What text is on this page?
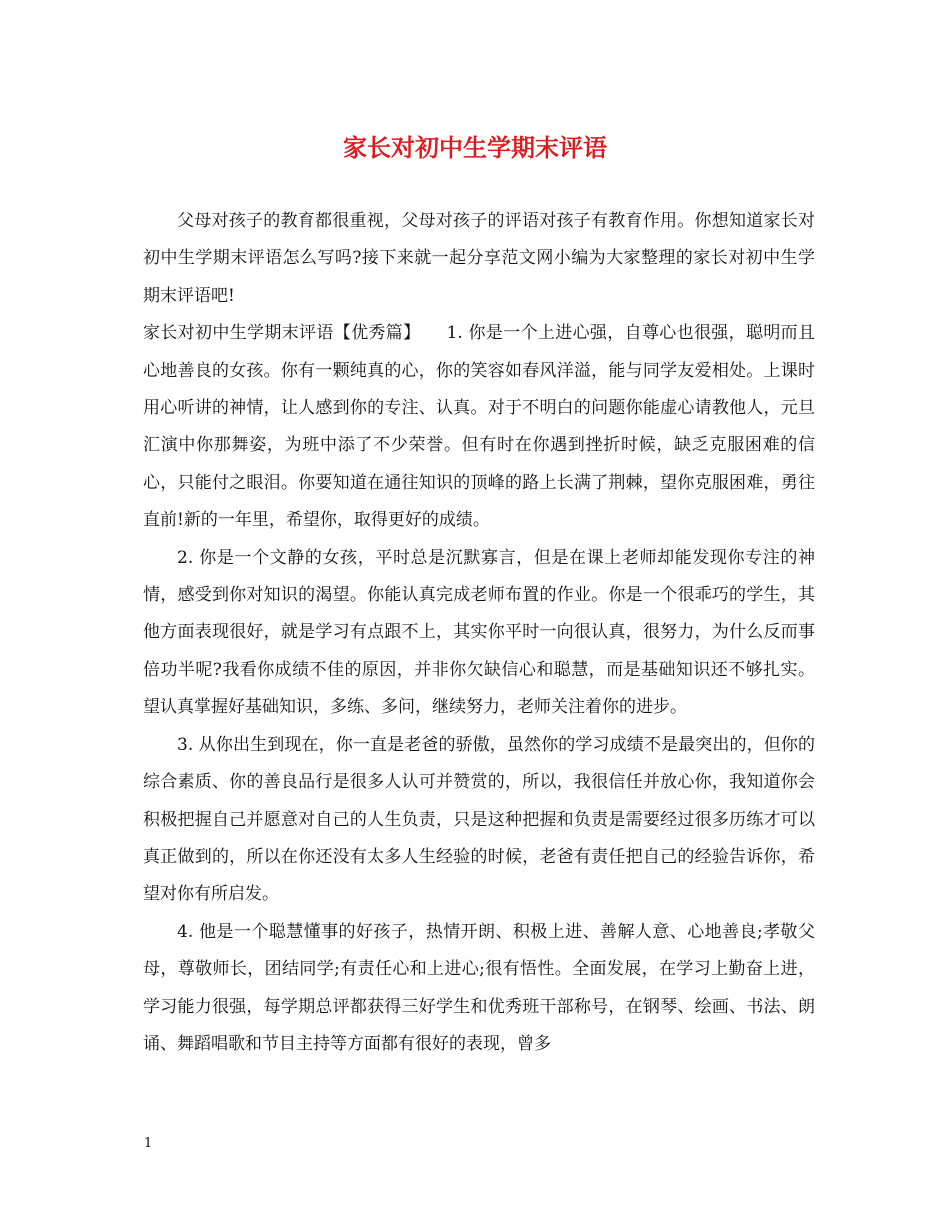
家长对初中生学期末评语

父母对孩子的教育都很重视，父母对孩子的评语对孩子有教育作用。你想知道家长对初中生学期末评语怎么写吗?接下来就一起分享范文网小编为大家整理的家长对初中生学期末评语吧!

家长对初中生学期末评语【优秀篇】　　1. 你是一个上进心强，自尊心也很强，聪明而且心地善良的女孩。你有一颗纯真的心，你的笑容如春风洋溢，能与同学友爱相处。上课时用心听讲的神情，让人感到你的专注、认真。对于不明白的问题你能虚心请教他人，元旦汇演中你那舞姿，为班中添了不少荣誉。但有时在你遇到挫折时候，缺乏克服困难的信心，只能付之眼泪。你要知道在通往知识的顶峰的路上长满了荆棘，望你克服困难，勇往直前!新的一年里，希望你，取得更好的成绩。

2. 你是一个文静的女孩，平时总是沉默寡言，但是在课上老师却能发现你专注的神情，感受到你对知识的渴望。你能认真完成老师布置的作业。你是一个很乖巧的学生，其他方面表现很好，就是学习有点跟不上，其实你平时一向很认真，很努力，为什么反而事倍功半呢?我看你成绩不佳的原因，并非你欠缺信心和聪慧，而是基础知识还不够扎实。望认真掌握好基础知识，多练、多问，继续努力，老师关注着你的进步。

3. 从你出生到现在，你一直是老爸的骄傲，虽然你的学习成绩不是最突出的，但你的综合素质、你的善良品行是很多人认可并赞赏的，所以，我很信任并放心你，我知道你会积极把握自己并愿意对自己的人生负责，只是这种把握和负责是需要经过很多历练才可以真正做到的，所以在你还没有太多人生经验的时候，老爸有责任把自己的经验告诉你，希望对你有所启发。

4. 他是一个聪慧懂事的好孩子，热情开朗、积极上进、善解人意、心地善良;孝敬父母，尊敬师长，团结同学;有责任心和上进心;很有悟性。全面发展，在学习上勤奋上进，学习能力很强，每学期总评都获得三好学生和优秀班干部称号，在钢琴、绘画、书法、朗诵、舞蹈唱歌和节目主持等方面都有很好的表现，曾多

1
